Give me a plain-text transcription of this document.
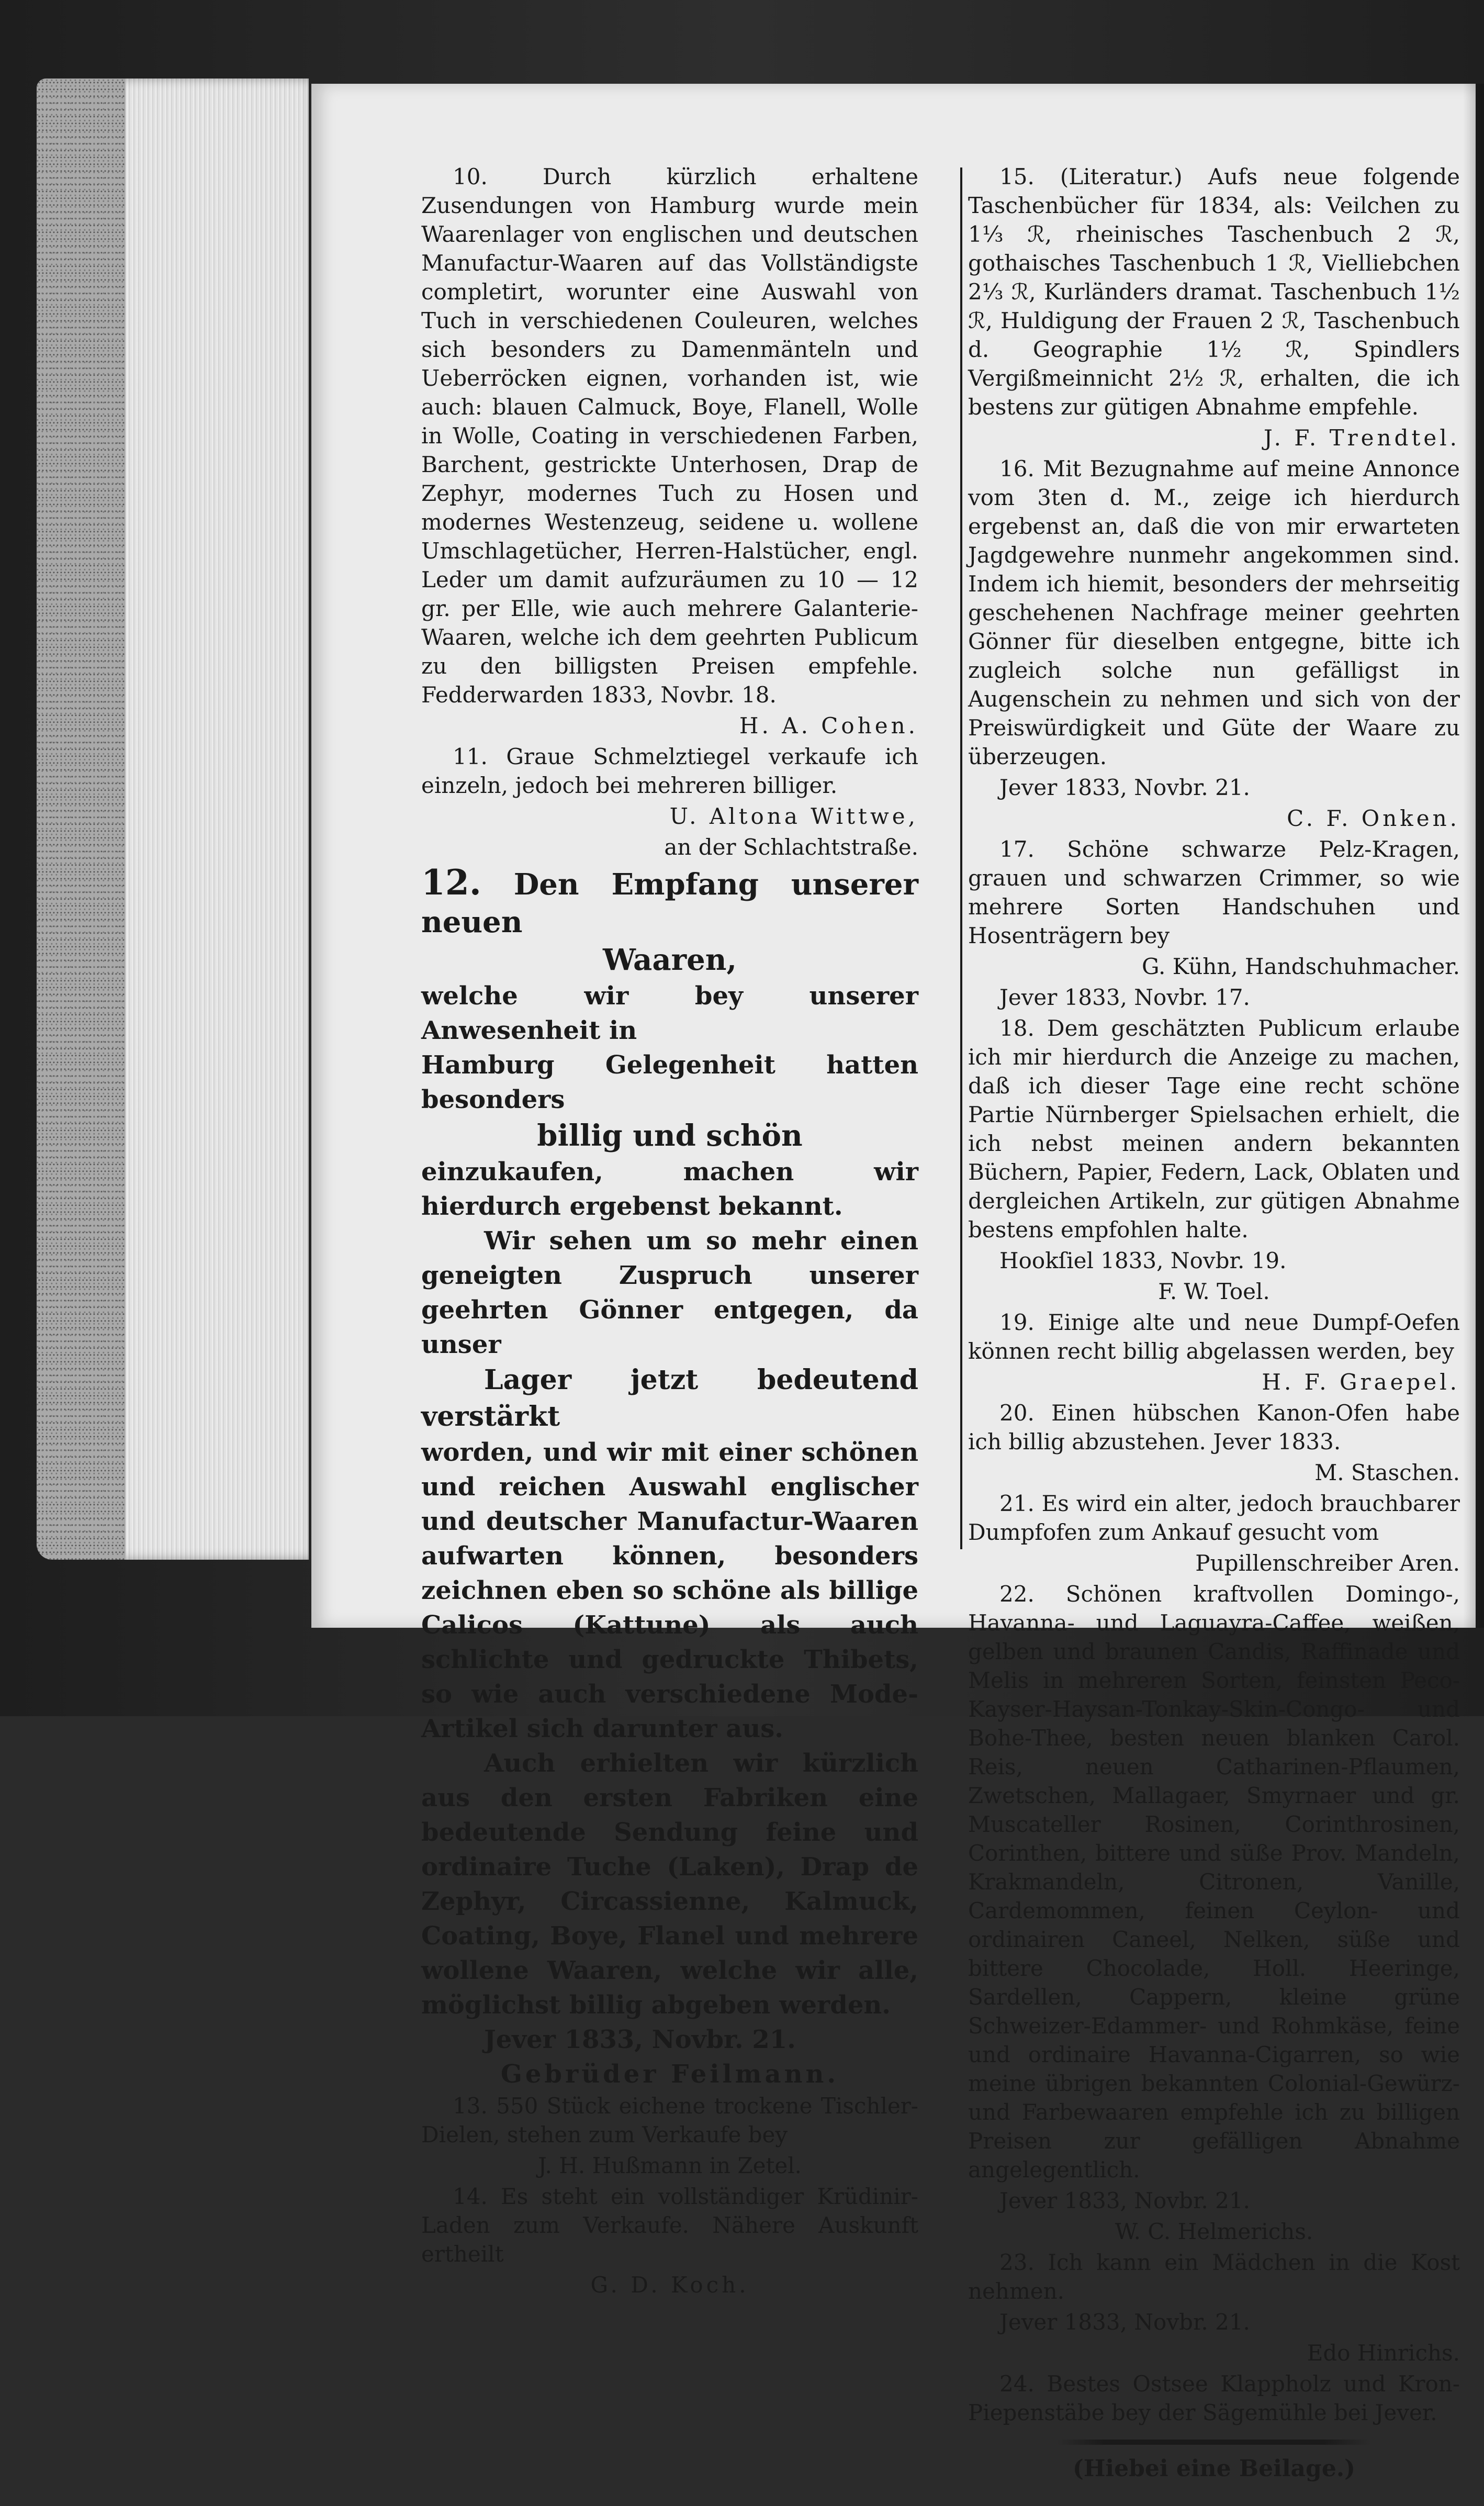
10. Durch kürzlich erhaltene Zusendungen von Hamburg wurde mein Waarenlager von englischen und deutschen Manufactur-Waaren auf das Vollständigste completirt, worunter eine Auswahl von Tuch in verschiedenen Couleuren, welches sich besonders zu Damenmänteln und Ueberröcken eignen, vorhanden ist, wie auch: blauen Calmuck, Boye, Flanell, Wolle in Wolle, Coating in verschiedenen Farben, Barchent, gestrickte Unterhosen, Drap de Zephyr, modernes Tuch zu Hosen und modernes Westenzeug, seidene u. wollene Umschlagetücher, Herren-Halstücher, engl. Leder um damit aufzuräumen zu 10 — 12 gr. per Elle, wie auch mehrere Galanterie-Waaren, welche ich dem geehrten Publicum zu den billigsten Preisen empfehle. Fedderwarden 1833, Novbr. 18.

H. A. Cohen.

11. Graue Schmelztiegel verkaufe ich einzeln, jedoch bei mehreren billiger.

U. Altona Wittwe,

an der Schlachtstraße.

12. Den Empfang unserer neuen
Waaren,
welche wir bey unserer Anwesenheit in
Hamburg Gelegenheit hatten besonders
billig und schön
einzukaufen, machen wir hierdurch ergebenst bekannt.
Wir sehen um so mehr einen geneigten Zuspruch unserer geehrten Gönner entgegen, da unser
Lager jetzt bedeutend verstärkt
worden, und wir mit einer schönen und reichen Auswahl englischer und deutscher Manufactur-Waaren aufwarten können, besonders zeichnen eben so schöne als billige Calicos (Kattune) als auch schlichte und gedruckte Thibets, so wie auch verschiedene Mode-Artikel sich darunter aus.
Auch erhielten wir kürzlich aus den ersten Fabriken eine bedeutende Sendung feine und ordinaire Tuche (Laken), Drap de Zephyr, Circassienne, Kalmuck, Coating, Boye, Flanel und mehrere wollene Waaren, welche wir alle, möglichst billig abgeben werden.
Jever 1833, Novbr. 21.
Gebrüder Feilmann.

13. 550 Stück eichene trockene Tischler-Dielen, stehen zum Verkaufe bey

J. H. Hußmann in Zetel.

14. Es steht ein vollständiger Krüdinir-Laden zum Verkaufe. Nähere Auskunft ertheilt

G. D. Koch.

15. (Literatur.) Aufs neue folgende Taschenbücher für 1834, als: Veilchen zu 1⅓ ℛ, rheinisches Taschenbuch 2 ℛ, gothaisches Taschenbuch 1 ℛ, Vielliebchen 2⅓ ℛ, Kurländers dramat. Taschenbuch 1½ ℛ, Huldigung der Frauen 2 ℛ, Taschenbuch d. Geographie 1½ ℛ, Spindlers Vergißmeinnicht 2½ ℛ, erhalten, die ich bestens zur gütigen Abnahme empfehle.

J. F. Trendtel.

16. Mit Bezugnahme auf meine Annonce vom 3ten d. M., zeige ich hierdurch ergebenst an, daß die von mir erwarteten Jagdgewehre nunmehr angekommen sind. Indem ich hiemit, besonders der mehrseitig geschehenen Nachfrage meiner geehrten Gönner für dieselben entgegne, bitte ich zugleich solche nun gefälligst in Augenschein zu nehmen und sich von der Preiswürdigkeit und Güte der Waare zu überzeugen.

Jever 1833, Novbr. 21.

C. F. Onken.

17. Schöne schwarze Pelz-Kragen, grauen und schwarzen Crimmer, so wie mehrere Sorten Handschuhen und Hosenträgern bey

G. Kühn, Handschuhmacher.

Jever 1833, Novbr. 17.

18. Dem geschätzten Publicum erlaube ich mir hierdurch die Anzeige zu machen, daß ich dieser Tage eine recht schöne Partie Nürnberger Spielsachen erhielt, die ich nebst meinen andern bekannten Büchern, Papier, Federn, Lack, Oblaten und dergleichen Artikeln, zur gütigen Abnahme bestens empfohlen halte.

Hookſiel 1833, Novbr. 19.

F. W. Toel.

19. Einige alte und neue Dumpf-Oefen können recht billig abgelassen werden, bey

H. F. Graepel.

20. Einen hübschen Kanon-Ofen habe ich billig abzustehen. Jever 1833.

M. Staschen.

21. Es wird ein alter, jedoch brauchbarer Dumpfofen zum Ankauf gesucht vom

Pupillenschreiber Aren.

22. Schönen kraftvollen Domingo-, Havanna- und Laguayra-Caffee, weißen, gelben und braunen Candis, Raffinade und Melis in mehreren Sorten, feinsten Peco-Kayser-Haysan-Tonkay-Skin-Congo- und Bohe-Thee, besten neuen blanken Carol. Reis, neuen Catharinen-Pflaumen, Zwetschen, Mallagaer, Smyrnaer und gr. Muscateller Rosinen, Corinthrosinen, Corinthen, bittere und süße Prov. Mandeln, Krakmandeln, Citronen, Vanille, Cardemommen, feinen Ceylon- und ordinairen Caneel, Nelken, süße und bittere Chocolade, Holl. Heeringe, Sardellen, Cappern, kleine grüne Schweizer-Edammer- und Rohmkäse, feine und ordinaire Havanna-Cigarren, so wie meine übrigen bekannten Colonial-Gewürz- und Farbewaaren empfehle ich zu billigen Preisen zur gefälligen Abnahme angelegentlich.

Jever 1833, Novbr. 21.

W. C. Helmerichs.

23. Ich kann ein Mädchen in die Kost nehmen.

Jever 1833, Novbr. 21.

Edo Hinrichs.

24. Bestes Ostsee Klappholz und Kron-Piepenstäbe bey der Sägemühle bei Jever.

(Hiebei eine Beilage.)
